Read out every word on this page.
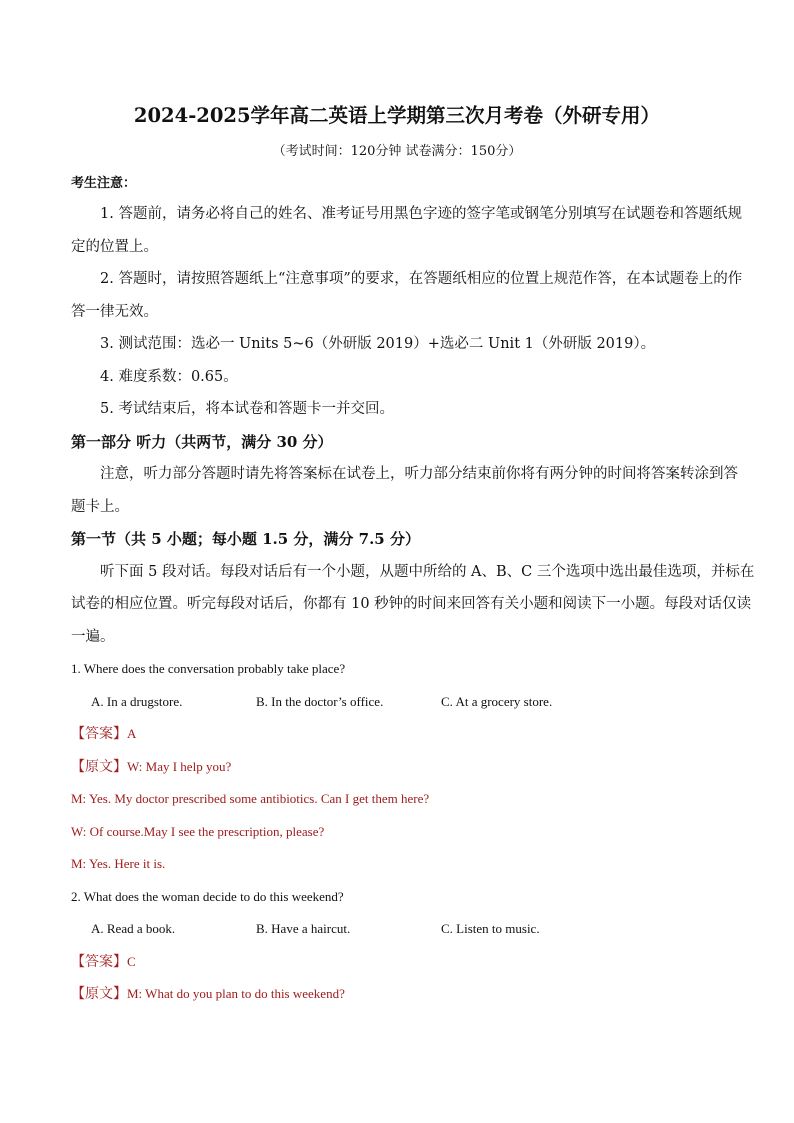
2024-2025学年高二英语上学期第三次月考卷（外研专用）
（考试时间：120分钟 试卷满分：150分）
考生注意：
1. 答题前，请务必将自己的姓名、准考证号用黑色字迹的签字笔或钢笔分别填写在试题卷和答题纸规
定的位置上。
2. 答题时，请按照答题纸上“注意事项”的要求，在答题纸相应的位置上规范作答，在本试题卷上的作
答一律无效。
3. 测试范围：选必一 Units 5~6（外研版 2019）+选必二 Unit 1（外研版 2019）。
4. 难度系数：0.65。
5. 考试结束后，将本试卷和答题卡一并交回。
第一部分 听力（共两节，满分 30 分）
注意，听力部分答题时请先将答案标在试卷上，听力部分结束前你将有两分钟的时间将答案转涂到答
题卡上。
第一节（共 5 小题；每小题 1.5 分，满分 7.5 分）
听下面 5 段对话。每段对话后有一个小题，从题中所给的 A、B、C 三个选项中选出最佳选项，并标在
试卷的相应位置。听完每段对话后，你都有 10 秒钟的时间来回答有关小题和阅读下一小题。每段对话仅读
一遍。
1. Where does the conversation probably take place?
A. In a drugstore.	B. In the doctor’s office.	C. At a grocery store.
【答案】A
【原文】W: May I help you?
M: Yes. My doctor prescribed some antibiotics. Can I get them here?
W: Of course.May I see the prescription, please?
M: Yes. Here it is.
2. What does the woman decide to do this weekend?
A. Read a book.	B. Have a haircut.	C. Listen to music.
【答案】C
【原文】M: What do you plan to do this weekend?
